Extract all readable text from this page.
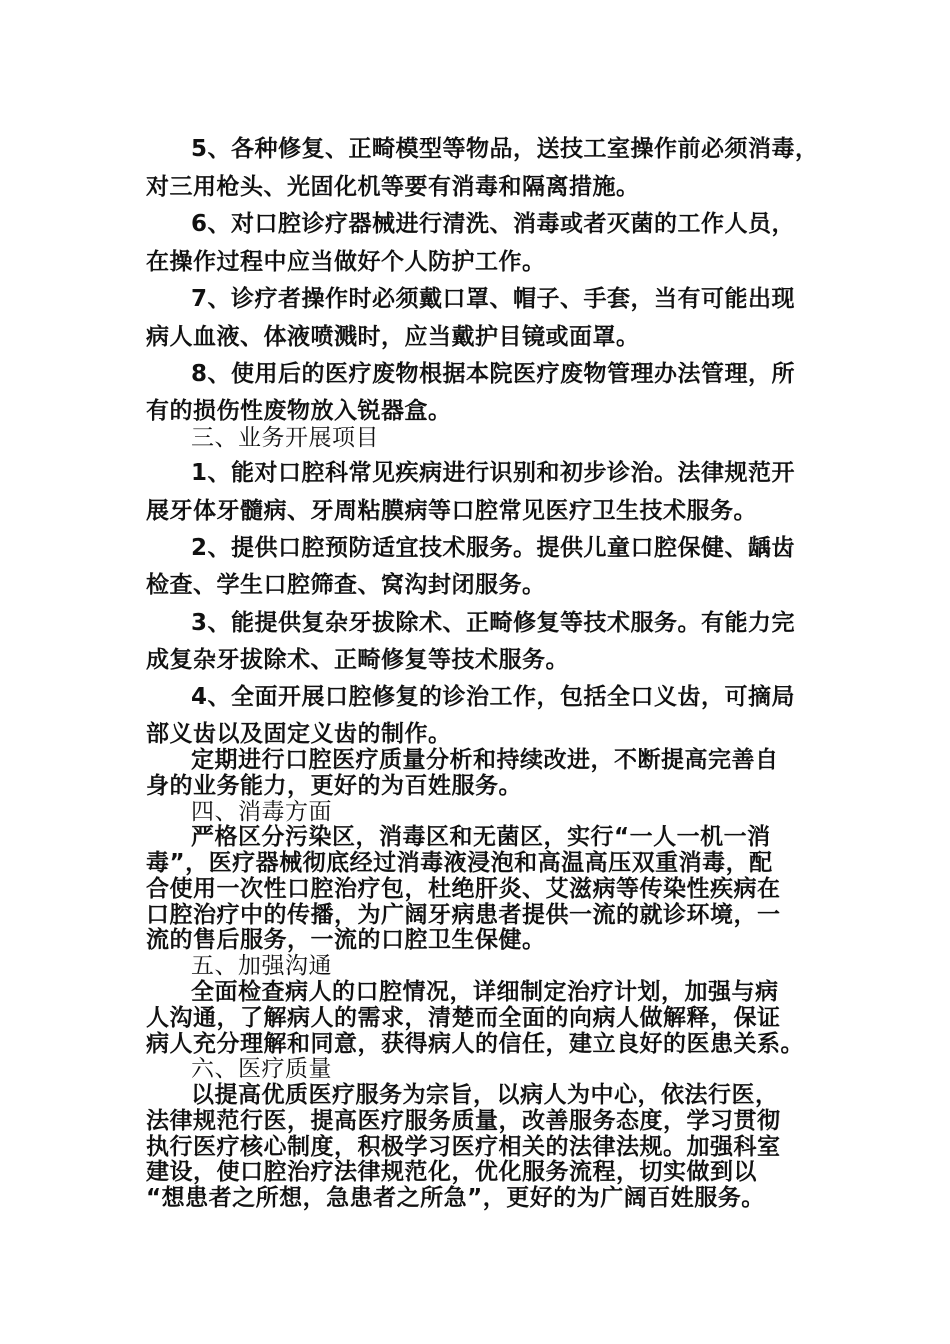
5、各种修复、正畸模型等物品，送技工室操作前必须消毒，
对三用枪头、光固化机等要有消毒和隔离措施。
6、对口腔诊疗器械进行清洗、消毒或者灭菌的工作人员，
在操作过程中应当做好个人防护工作。
7、诊疗者操作时必须戴口罩、帽子、手套，当有可能出现
病人血液、体液喷溅时，应当戴护目镜或面罩。
8、使用后的医疗废物根据本院医疗废物管理办法管理，所
有的损伤性废物放入锐器盒。
三、业务开展项目
1、能对口腔科常见疾病进行识别和初步诊治。法律规范开
展牙体牙髓病、牙周粘膜病等口腔常见医疗卫生技术服务。
2、提供口腔预防适宜技术服务。提供儿童口腔保健、龋齿
检查、学生口腔筛查、窝沟封闭服务。
3、能提供复杂牙拔除术、正畸修复等技术服务。有能力完
成复杂牙拔除术、正畸修复等技术服务。
4、全面开展口腔修复的诊治工作，包括全口义齿，可摘局
部义齿以及固定义齿的制作。
定期进行口腔医疗质量分析和持续改进，不断提高完善自
身的业务能力，更好的为百姓服务。
四、消毒方面
严格区分污染区，消毒区和无菌区，实行“一人一机一消
毒”，医疗器械彻底经过消毒液浸泡和高温高压双重消毒，配
合使用一次性口腔治疗包，杜绝肝炎、艾滋病等传染性疾病在
口腔治疗中的传播，为广阔牙病患者提供一流的就诊环境，一
流的售后服务，一流的口腔卫生保健。
五、加强沟通
全面检查病人的口腔情况，详细制定治疗计划，加强与病
人沟通，了解病人的需求，清楚而全面的向病人做解释，保证
病人充分理解和同意，获得病人的信任，建立良好的医患关系。
六、医疗质量
以提高优质医疗服务为宗旨，以病人为中心，依法行医，
法律规范行医，提高医疗服务质量，改善服务态度，学习贯彻
执行医疗核心制度，积极学习医疗相关的法律法规。加强科室
建设，使口腔治疗法律规范化，优化服务流程，切实做到以
“想患者之所想，急患者之所急”，更好的为广阔百姓服务。
